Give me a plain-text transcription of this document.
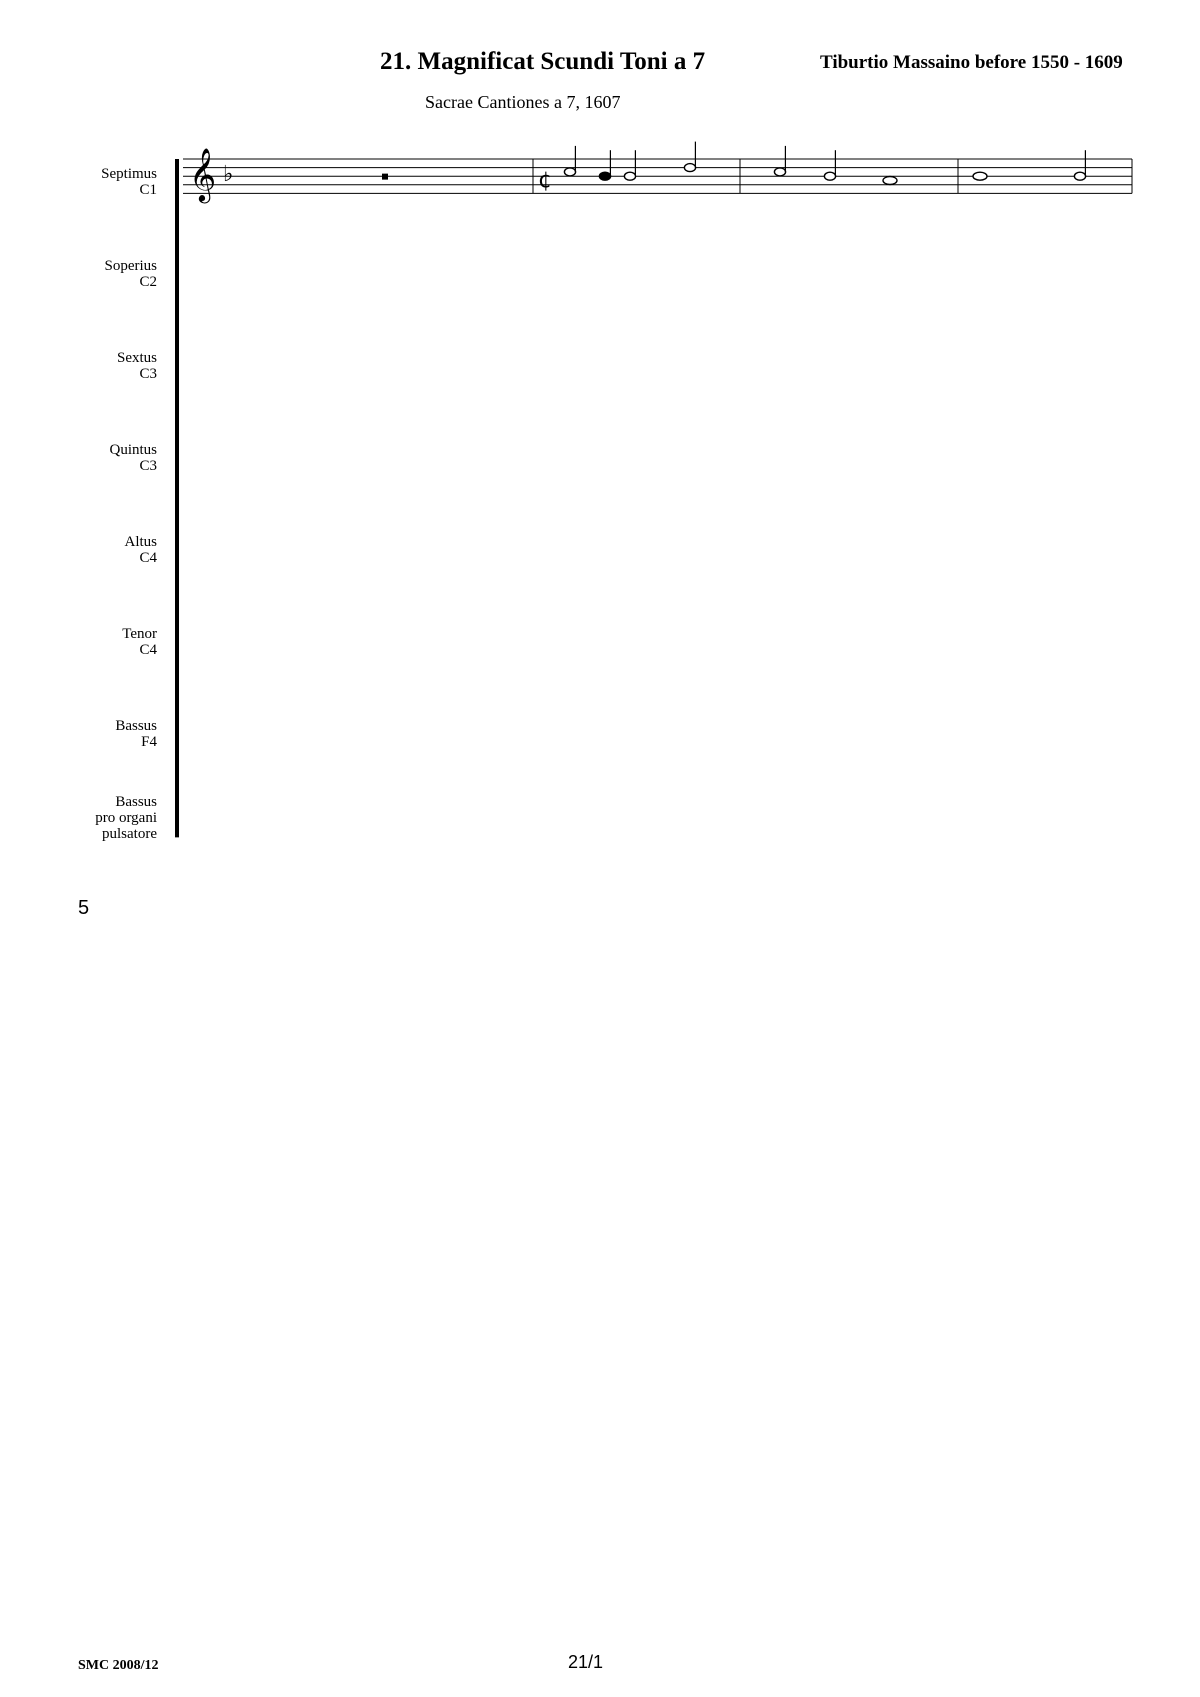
21. Magnificat Scundi Toni a 7	Tiburtio Massaino before 1550 - 1609
Sacrae Cantiones a 7, 1607
Septimus
C1
Soperius
C2
Sextus
C3
Quintus
C3
Altus
C4
Tenor
C4
Bassus
F4
Bassus
pro organi
pulsatore
5
𝄞 ♭	¢
SMC 2008/12	21/1
